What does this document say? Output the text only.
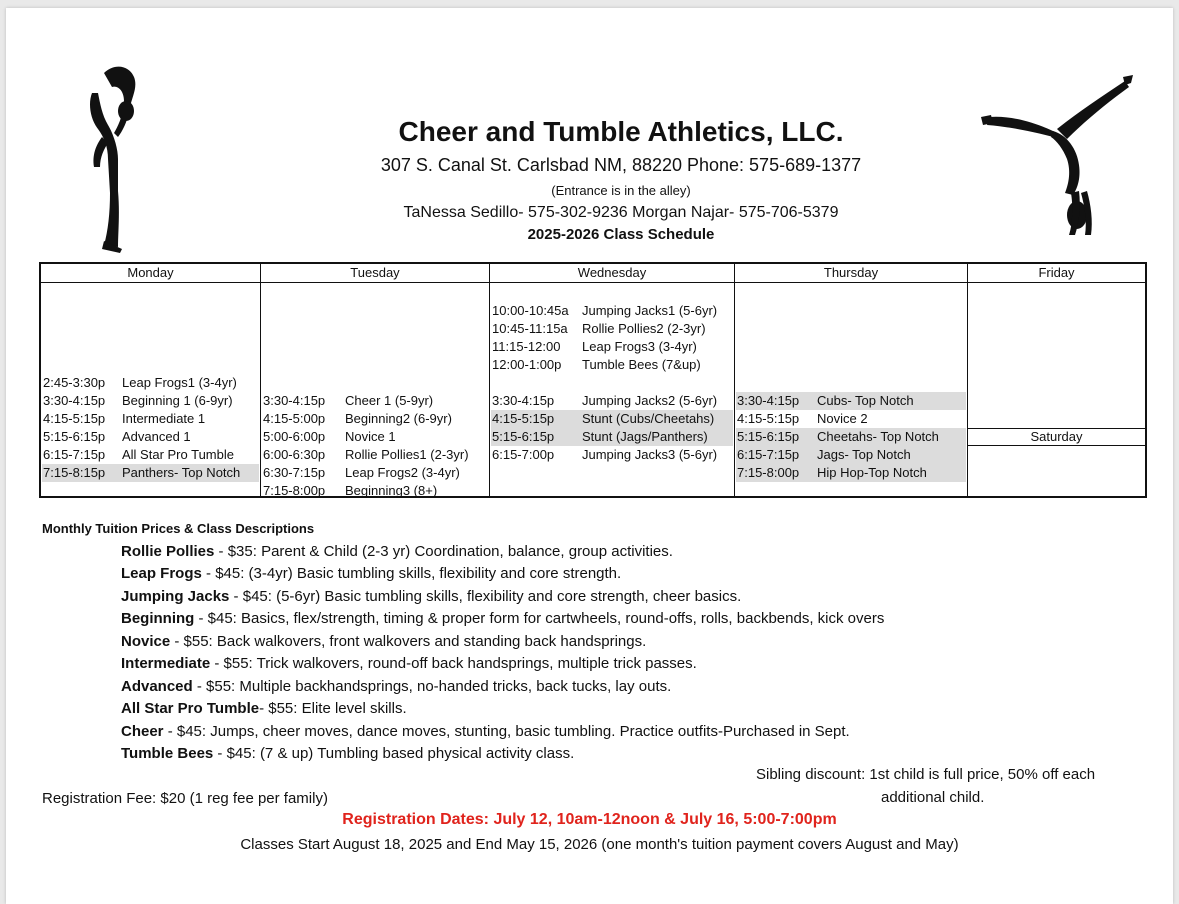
Cheer and Tumble Athletics, LLC.
307 S. Canal St. Carlsbad NM, 88220 Phone: 575-689-1377
(Entrance is in the alley)
TaNessa Sedillo- 575-302-9236 Morgan Najar- 575-706-5379
2025-2026 Class Schedule
Monday
2:45-3:30p Leap Frogs1 (3-4yr)
3:30-4:15p Beginning 1 (6-9yr)
4:15-5:15p Intermediate 1
5:15-6:15p Advanced 1
6:15-7:15p All Star Pro Tumble
7:15-8:15p Panthers- Top Notch
Tuesday
3:30-4:15p Cheer 1 (5-9yr)
4:15-5:00p Beginning2 (6-9yr)
5:00-6:00p Novice 1
6:00-6:30p Rollie Pollies1 (2-3yr)
6:30-7:15p Leap Frogs2 (3-4yr)
7:15-8:00p Beginning3 (8+)
Wednesday
10:00-10:45a Jumping Jacks1 (5-6yr)
10:45-11:15a Rollie Pollies2 (2-3yr)
11:15-12:00 Leap Frogs3 (3-4yr)
12:00-1:00p Tumble Bees (7&up)
3:30-4:15p Jumping Jacks2 (5-6yr)
4:15-5:15p Stunt (Cubs/Cheetahs)
5:15-6:15p Stunt (Jags/Panthers)
6:15-7:00p Jumping Jacks3 (5-6yr)
Thursday
3:30-4:15p Cubs- Top Notch
4:15-5:15p Novice 2
5:15-6:15p Cheetahs- Top Notch
6:15-7:15p Jags- Top Notch
7:15-8:00p Hip Hop-Top Notch
Friday
Saturday
Monthly Tuition Prices & Class Descriptions
Rollie Pollies - $35: Parent & Child (2-3 yr) Coordination, balance, group activities.
Leap Frogs - $45: (3-4yr) Basic tumbling skills, flexibility and core strength.
Jumping Jacks - $45: (5-6yr) Basic tumbling skills, flexibility and core strength, cheer basics.
Beginning - $45: Basics, flex/strength, timing & proper form for cartwheels, round-offs, rolls, backbends, kick overs
Novice - $55: Back walkovers, front walkovers and standing back handsprings.
Intermediate - $55: Trick walkovers, round-off back handsprings, multiple trick passes.
Advanced - $55: Multiple backhandsprings, no-handed tricks, back tucks, lay outs.
All Star Pro Tumble- $55: Elite level skills.
Cheer - $45: Jumps, cheer moves, dance moves, stunting, basic tumbling. Practice outfits-Purchased in Sept.
Tumble Bees - $45: (7 & up) Tumbling based physical activity class.
Sibling discount: 1st child is full price, 50% off each
additional child.
Registration Fee: $20 (1 reg fee per family)
Registration Dates: July 12, 10am-12noon & July 16, 5:00-7:00pm
Classes Start August 18, 2025 and End May 15, 2026 (one month's tuition payment covers August and May)
